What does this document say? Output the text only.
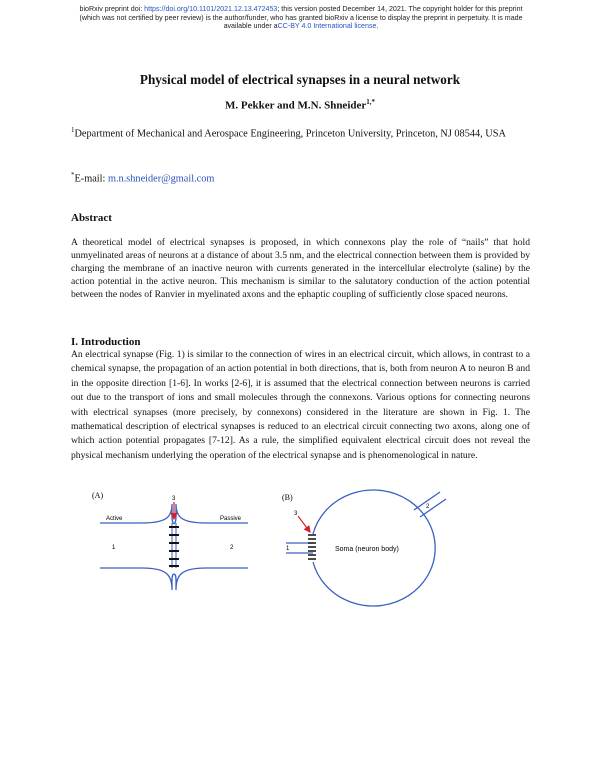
bioRxiv preprint doi: https://doi.org/10.1101/2021.12.13.472453; this version posted December 14, 2021. The copyright holder for this preprint
(which was not certified by peer review) is the author/funder, who has granted bioRxiv a license to display the preprint in perpetuity. It is made
available under aCC-BY 4.0 International license.
Physical model of electrical synapses in a neural network
M. Pekker and M.N. Shneider$^{1,*}$
$^1$Department of Mechanical and Aerospace Engineering, Princeton University, Princeton, NJ 08544, USA
*E-mail: m.n.shneider@gmail.com
Abstract

A theoretical model of electrical synapses is proposed, in which connexons play the role of “nails” that hold unmyelinated areas of neurons at a distance of about 3.5 nm, and the electrical connection between them is provided by charging the membrane of an inactive neuron with currents generated in the intercellular electrolyte (saline) by the action potential in the active neuron. This mechanism is similar to the salutatory conduction of the action potential between the nodes of Ranvier in myelinated axons and the ephaptic coupling of sufficiently close spaced neurons.

I. Introduction

An electrical synapse (Fig. 1) is similar to the connection of wires in an electrical circuit, which allows, in contrast to a chemical synapse, the propagation of an action potential in both directions, that is, both from neuron A to neuron B and in the opposite direction [1-6]. In works [2-6], it is assumed that the electrical connection between neurons is carried out due to the transport of ions and small molecules through the connexons. Various options for connecting neurons with electrical synapses (more precisely, by connexons) considered in the literature are shown in Fig. 1. The mathematical description of electrical synapses is reduced to an electrical circuit connecting two axons, along one of which action potential propagates [7-12]. As a rule, the simplified equivalent electrical circuit does not reveal the physical mechanism underlying the operation of the electrical synapse and is phenomenological in nature.

(A)	3
Active	Passive
1	2
(B)
3
1
2
Soma (neuron body)
